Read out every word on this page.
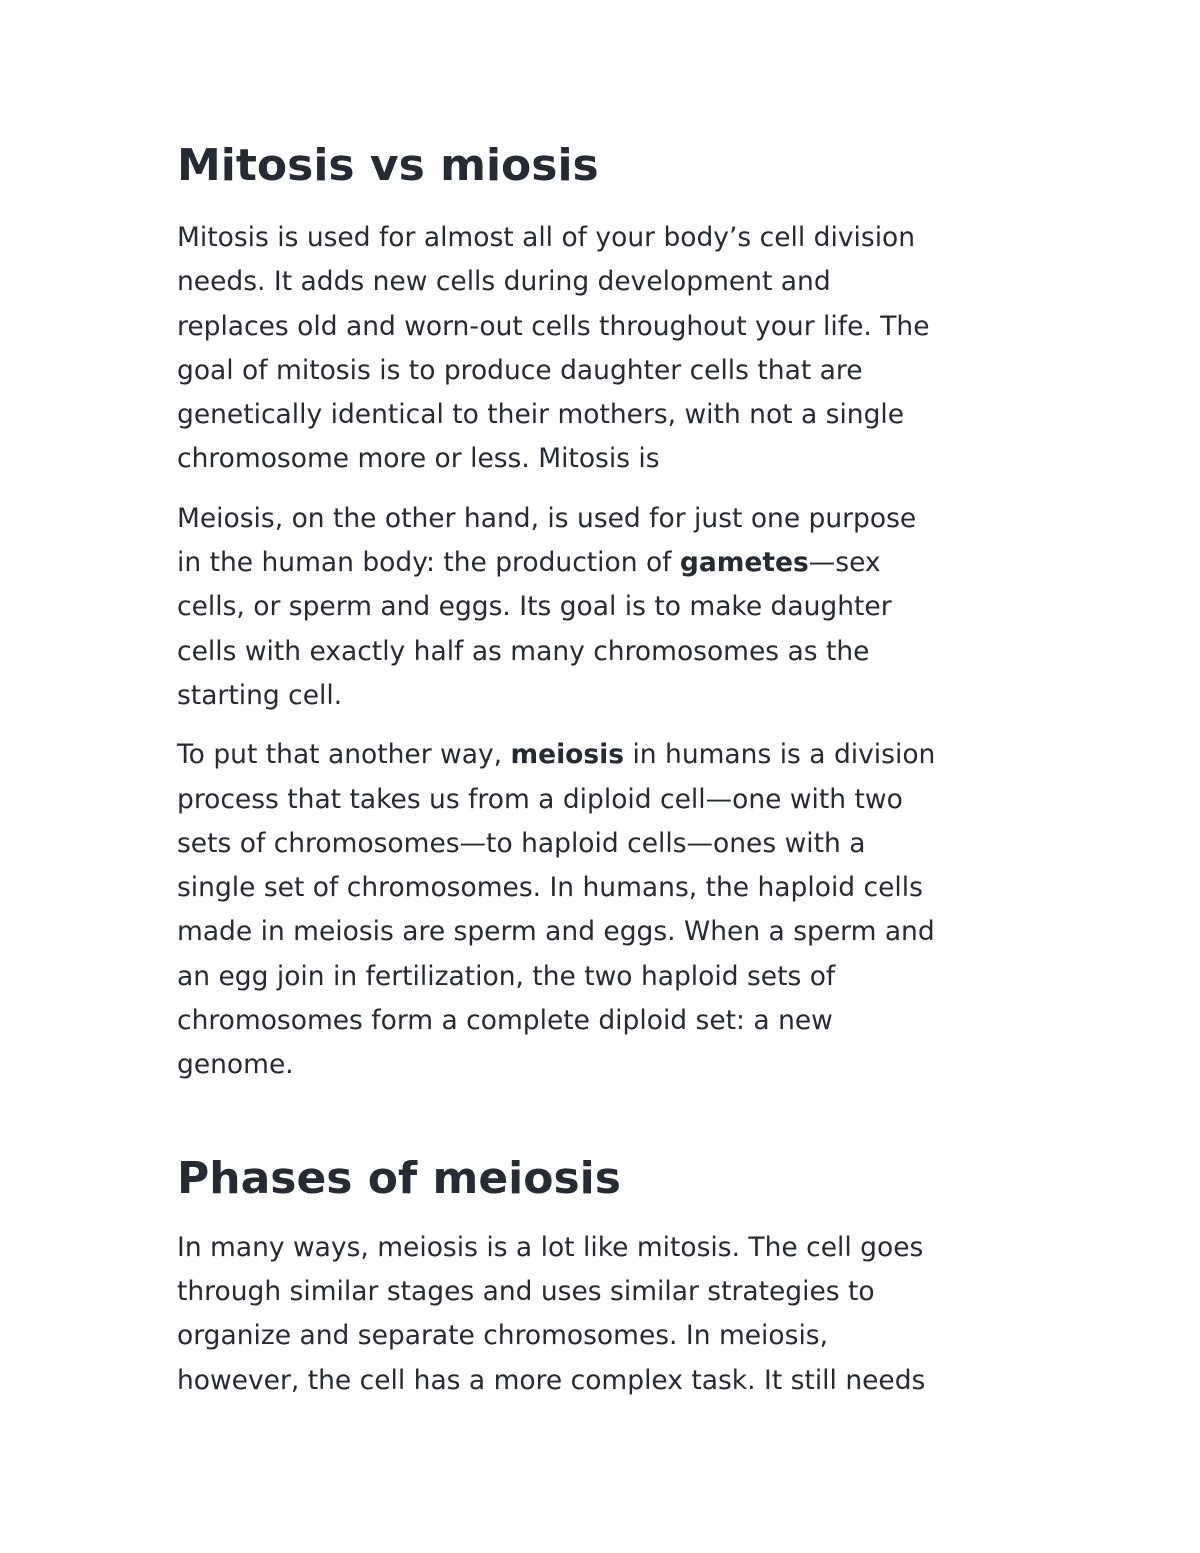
Mitosis vs miosis
Mitosis is used for almost all of your body’s cell division
needs. It adds new cells during development and
replaces old and worn-out cells throughout your life. The
goal of mitosis is to produce daughter cells that are
genetically identical to their mothers, with not a single
chromosome more or less. Mitosis is
Meiosis, on the other hand, is used for just one purpose
in the human body: the production of gametes—sex
cells, or sperm and eggs. Its goal is to make daughter
cells with exactly half as many chromosomes as the
starting cell.
To put that another way, meiosis in humans is a division
process that takes us from a diploid cell—one with two
sets of chromosomes—to haploid cells—ones with a
single set of chromosomes. In humans, the haploid cells
made in meiosis are sperm and eggs. When a sperm and
an egg join in fertilization, the two haploid sets of
chromosomes form a complete diploid set: a new
genome.
Phases of meiosis
In many ways, meiosis is a lot like mitosis. The cell goes
through similar stages and uses similar strategies to
organize and separate chromosomes. In meiosis,
however, the cell has a more complex task. It still needs
